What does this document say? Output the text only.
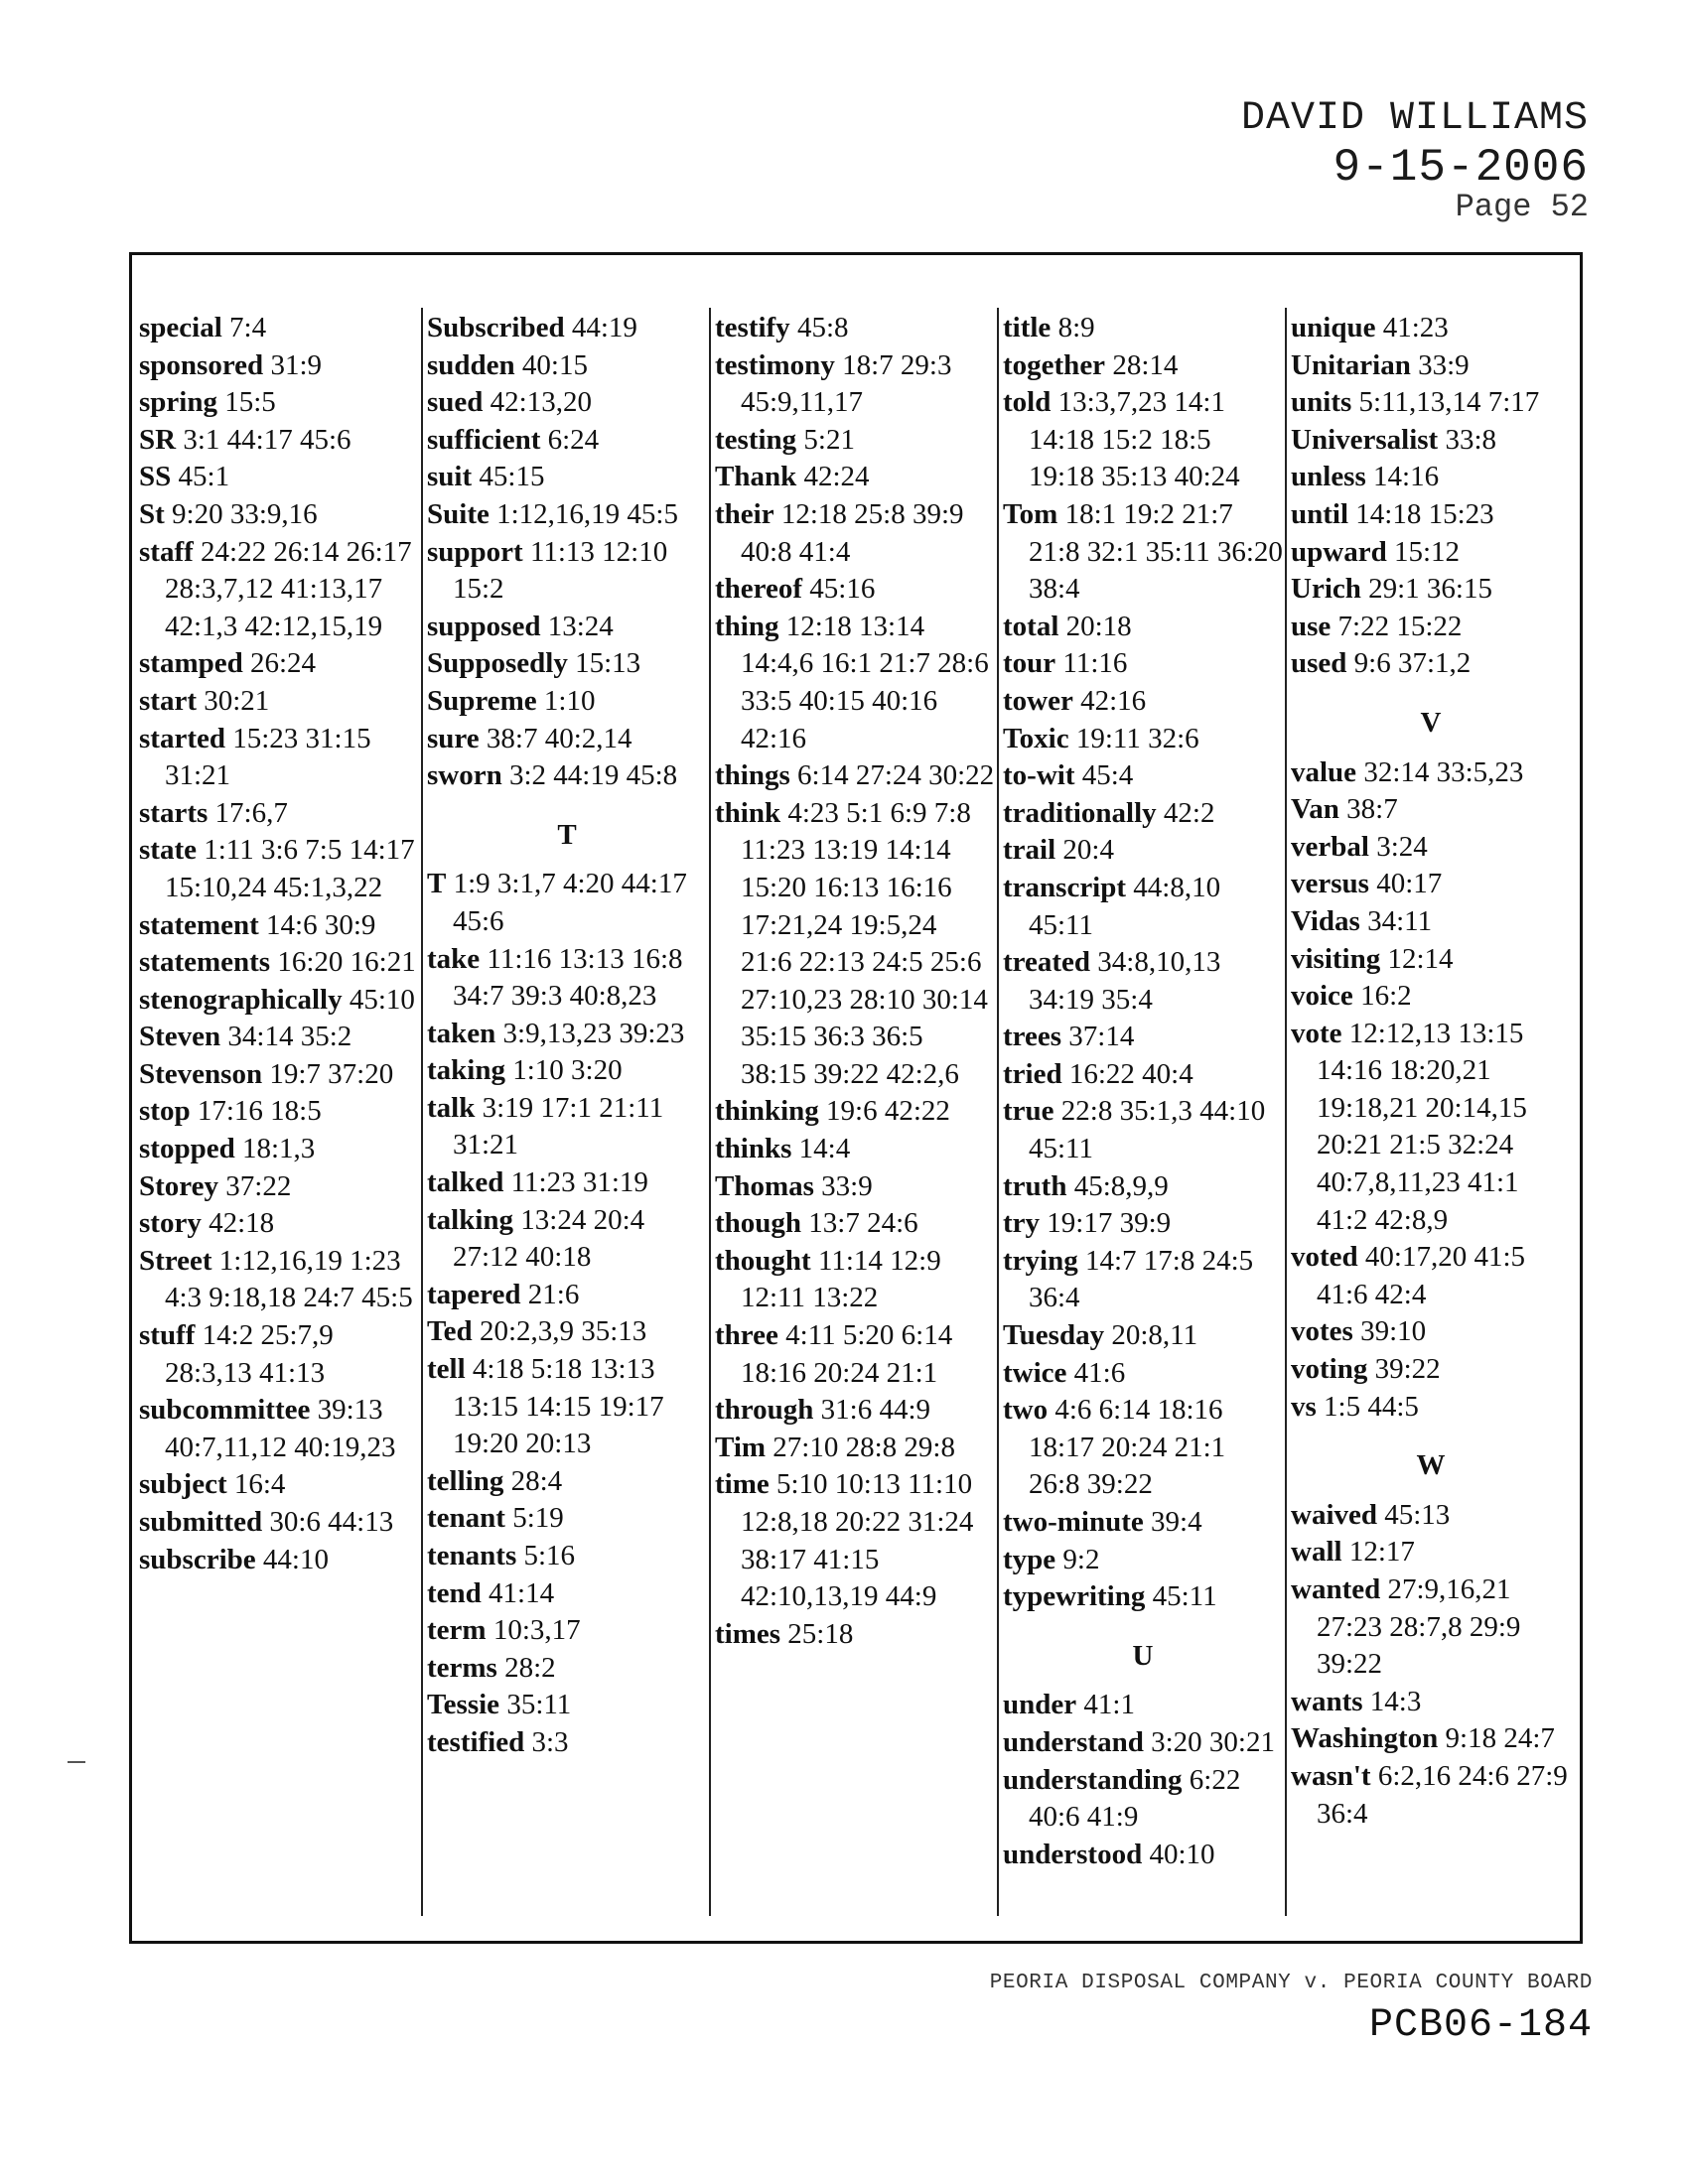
DAVID WILLIAMS
9-15-2006
Page 52
special 7:4
sponsored 31:9
spring 15:5
SR 3:1 44:17 45:6
SS 45:1
St 9:20 33:9,16
staff 24:22 26:14 26:17 28:3,7,12 41:13,17 42:1,3 42:12,15,19
stamped 26:24
start 30:21
started 15:23 31:15 31:21
starts 17:6,7
state 1:11 3:6 7:5 14:17 15:10,24 45:1,3,22
statement 14:6 30:9
statements 16:20 16:21
stenographically 45:10
Steven 34:14 35:2
Stevenson 19:7 37:20
stop 17:16 18:5
stopped 18:1,3
Storey 37:22
story 42:18
Street 1:12,16,19 1:23 4:3 9:18,18 24:7 45:5
stuff 14:2 25:7,9 28:3,13 41:13
subcommittee 39:13 40:7,11,12 40:19,23
subject 16:4
submitted 30:6 44:13
subscribe 44:10
Subscribed 44:19
sudden 40:15
sued 42:13,20
sufficient 6:24
suit 45:15
Suite 1:12,16,19 45:5
support 11:13 12:10 15:2
supposed 13:24
Supposedly 15:13
Supreme 1:10
sure 38:7 40:2,14
sworn 3:2 44:19 45:8
T
T 1:9 3:1,7 4:20 44:17 45:6
take 11:16 13:13 16:8 34:7 39:3 40:8,23
taken 3:9,13,23 39:23
taking 1:10 3:20
talk 3:19 17:1 21:11 31:21
talked 11:23 31:19
talking 13:24 20:4 27:12 40:18
tapered 21:6
Ted 20:2,3,9 35:13
tell 4:18 5:18 13:13 13:15 14:15 19:17 19:20 20:13
telling 28:4
tenant 5:19
tenants 5:16
tend 41:14
term 10:3,17
terms 28:2
Tessie 35:11
testified 3:3
testify 45:8
testimony 18:7 29:3 45:9,11,17
testing 5:21
Thank 42:24
their 12:18 25:8 39:9 40:8 41:4
thereof 45:16
thing 12:18 13:14 14:4,6 16:1 21:7 28:6 33:5 40:15 40:16 42:16
things 6:14 27:24 30:22
think 4:23 5:1 6:9 7:8 11:23 13:19 14:14 15:20 16:13 16:16 17:21,24 19:5,24 21:6 22:13 24:5 25:6 27:10,23 28:10 30:14 35:15 36:3 36:5 38:15 39:22 42:2,6
thinking 19:6 42:22
thinks 14:4
Thomas 33:9
though 13:7 24:6
thought 11:14 12:9 12:11 13:22
three 4:11 5:20 6:14 18:16 20:24 21:1
through 31:6 44:9
Tim 27:10 28:8 29:8
time 5:10 10:13 11:10 12:8,18 20:22 31:24 38:17 41:15 42:10,13,19 44:9
times 25:18
title 8:9
together 28:14
told 13:3,7,23 14:1 14:18 15:2 18:5 19:18 35:13 40:24
Tom 18:1 19:2 21:7 21:8 32:1 35:11 36:20 38:4
total 20:18
tour 11:16
tower 42:16
Toxic 19:11 32:6
to-wit 45:4
traditionally 42:2
trail 20:4
transcript 44:8,10 45:11
treated 34:8,10,13 34:19 35:4
trees 37:14
tried 16:22 40:4
true 22:8 35:1,3 44:10 45:11
truth 45:8,9,9
try 19:17 39:9
trying 14:7 17:8 24:5 36:4
Tuesday 20:8,11
twice 41:6
two 4:6 6:14 18:16 18:17 20:24 21:1 26:8 39:22
two-minute 39:4
type 9:2
typewriting 45:11
U
under 41:1
understand 3:20 30:21
understanding 6:22 40:6 41:9
understood 40:10
unique 41:23
Unitarian 33:9
units 5:11,13,14 7:17
Universalist 33:8
unless 14:16
until 14:18 15:23
upward 15:12
Urich 29:1 36:15
use 7:22 15:22
used 9:6 37:1,2
V
value 32:14 33:5,23
Van 38:7
verbal 3:24
versus 40:17
Vidas 34:11
visiting 12:14
voice 16:2
vote 12:12,13 13:15 14:16 18:20,21 19:18,21 20:14,15 20:21 21:5 32:24 40:7,8,11,23 41:1 41:2 42:8,9
voted 40:17,20 41:5 41:6 42:4
votes 39:10
voting 39:22
vs 1:5 44:5
W
waived 45:13
wall 12:17
wanted 27:9,16,21 27:23 28:7,8 29:9 39:22
wants 14:3
Washington 9:18 24:7
wasn't 6:2,16 24:6 27:9 36:4
PEORIA DISPOSAL COMPANY v. PEORIA COUNTY BOARD
PCB06-184
